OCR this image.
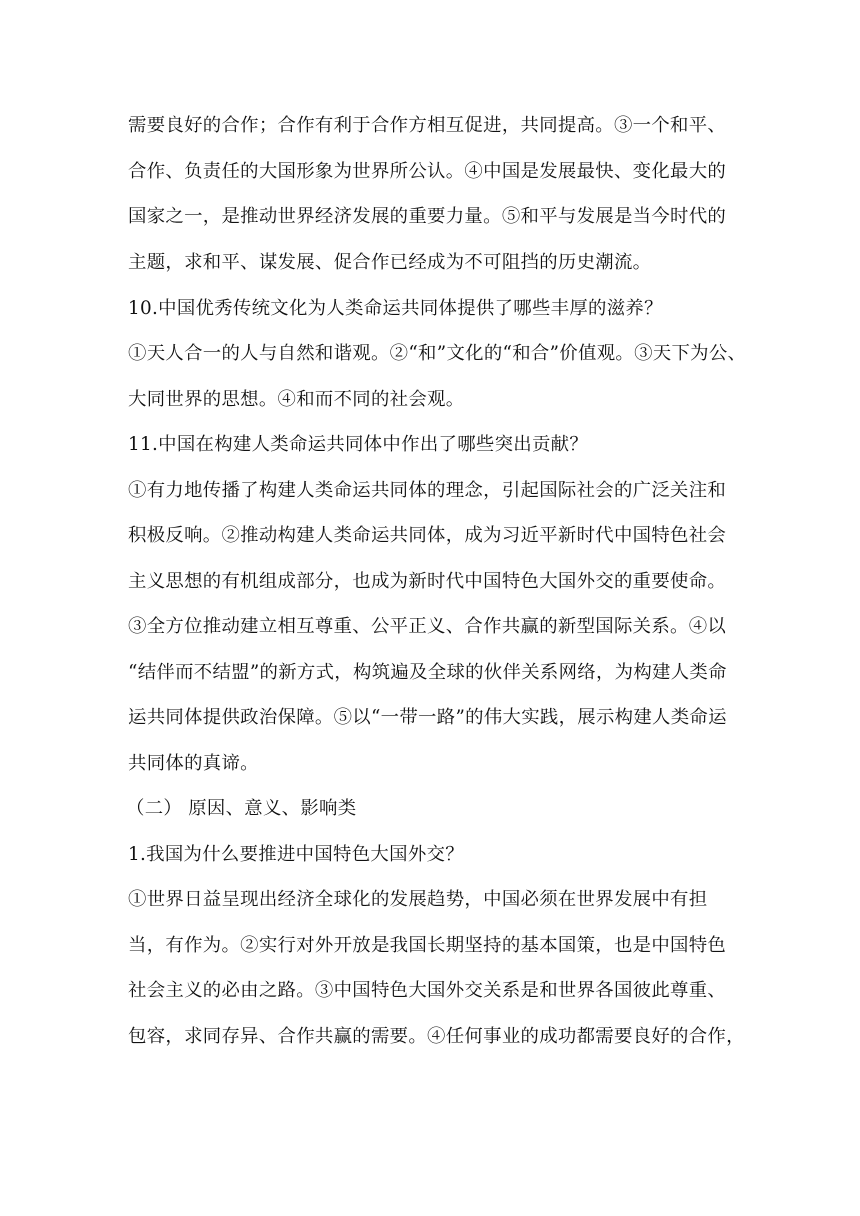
需要良好的合作；合作有利于合作方相互促进，共同提高。③一个和平、
合作、负责任的大国形象为世界所公认。④中国是发展最快、变化最大的
国家之一，是推动世界经济发展的重要力量。⑤和平与发展是当今时代的
主题，求和平、谋发展、促合作已经成为不可阻挡的历史潮流。
10.中国优秀传统文化为人类命运共同体提供了哪些丰厚的滋养？
①天人合一的人与自然和谐观。②“和”文化的“和合”价值观。③天下为公、
大同世界的思想。④和而不同的社会观。
11.中国在构建人类命运共同体中作出了哪些突出贡献？
①有力地传播了构建人类命运共同体的理念，引起国际社会的广泛关注和
积极反响。②推动构建人类命运共同体，成为习近平新时代中国特色社会
主义思想的有机组成部分，也成为新时代中国特色大国外交的重要使命。
③全方位推动建立相互尊重、公平正义、合作共赢的新型国际关系。④以
“结伴而不结盟”的新方式，构筑遍及全球的伙伴关系网络，为构建人类命
运共同体提供政治保障。⑤以“一带一路”的伟大实践，展示构建人类命运
共同体的真谛。
（二） 原因、意义、影响类
1.我国为什么要推进中国特色大国外交？
①世界日益呈现出经济全球化的发展趋势，中国必须在世界发展中有担
当，有作为。②实行对外开放是我国长期坚持的基本国策，也是中国特色
社会主义的必由之路。③中国特色大国外交关系是和世界各国彼此尊重、
包容，求同存异、合作共赢的需要。④任何事业的成功都需要良好的合作，
